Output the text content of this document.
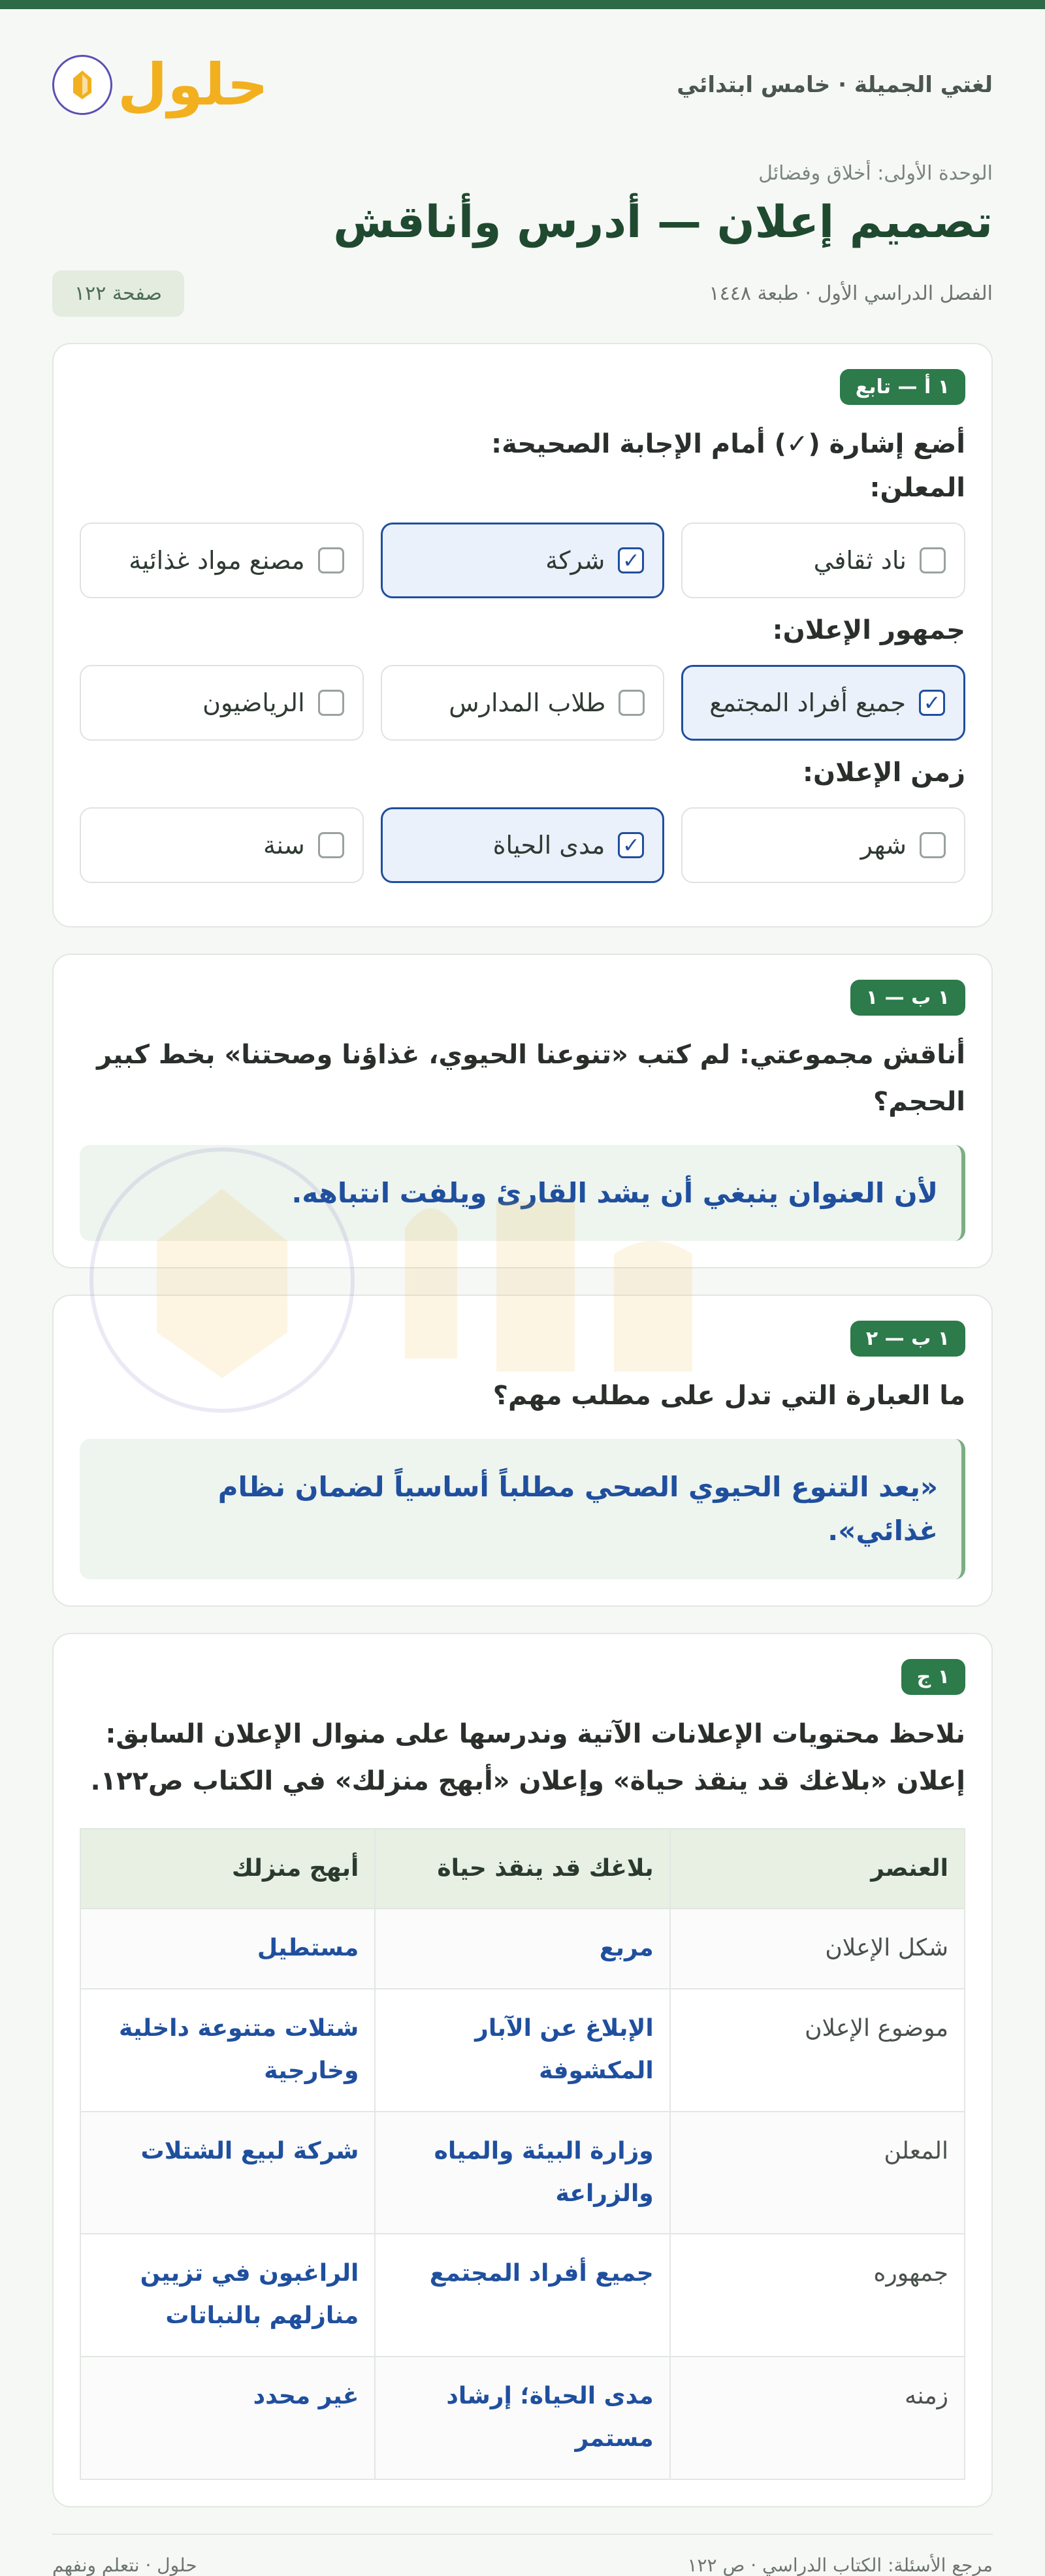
لغتي الجميلة · خامس ابتدائي
حلول
الوحدة الأولى: أخلاق وفضائل
تصميم إعلان — أدرس وأناقش
الفصل الدراسي الأول · طبعة ١٤٤٨
صفحة ١٢٢
١ أ — تابع
أضع إشارة (✓) أمام الإجابة الصحيحة:
المعلن:
ناد ثقافي
✓
شركة
مصنع مواد غذائية
جمهور الإعلان:
✓
جميع أفراد المجتمع
طلاب المدارس
الرياضيون
زمن الإعلان:
شهر
✓
مدى الحياة
سنة
١ ب — ١
أناقش مجموعتي: لم كتب «تنوعنا الحيوي، غذاؤنا وصحتنا» بخط كبير الحجم؟
لأن العنوان ينبغي أن يشد القارئ ويلفت انتباهه.
١ ب — ٢
ما العبارة التي تدل على مطلب مهم؟
«يعد التنوع الحيوي الصحي مطلباً أساسياً لضمان نظام غذائي».
١ ج
نلاحظ محتويات الإعلانات الآتية وندرسها على منوال الإعلان السابق: إعلان «بلاغك قد ينقذ حياة» وإعلان «أبهج منزلك» في الكتاب ص١٢٢.
العنصر	بلاغك قد ينقذ حياة	أبهج منزلك
شكل الإعلان	مربع	مستطيل
موضوع الإعلان	الإبلاغ عن الآبار المكشوفة	شتلات متنوعة داخلية وخارجية
المعلن	وزارة البيئة والمياه والزراعة	شركة لبيع الشتلات
جمهوره	جميع أفراد المجتمع	الراغبون في تزيين منازلهم بالنباتات
زمنه	مدى الحياة؛ إرشاد مستمر	غير محدد
مرجع الأسئلة: الكتاب الدراسي · ص ١٢٢
حلول · نتعلم ونفهم
